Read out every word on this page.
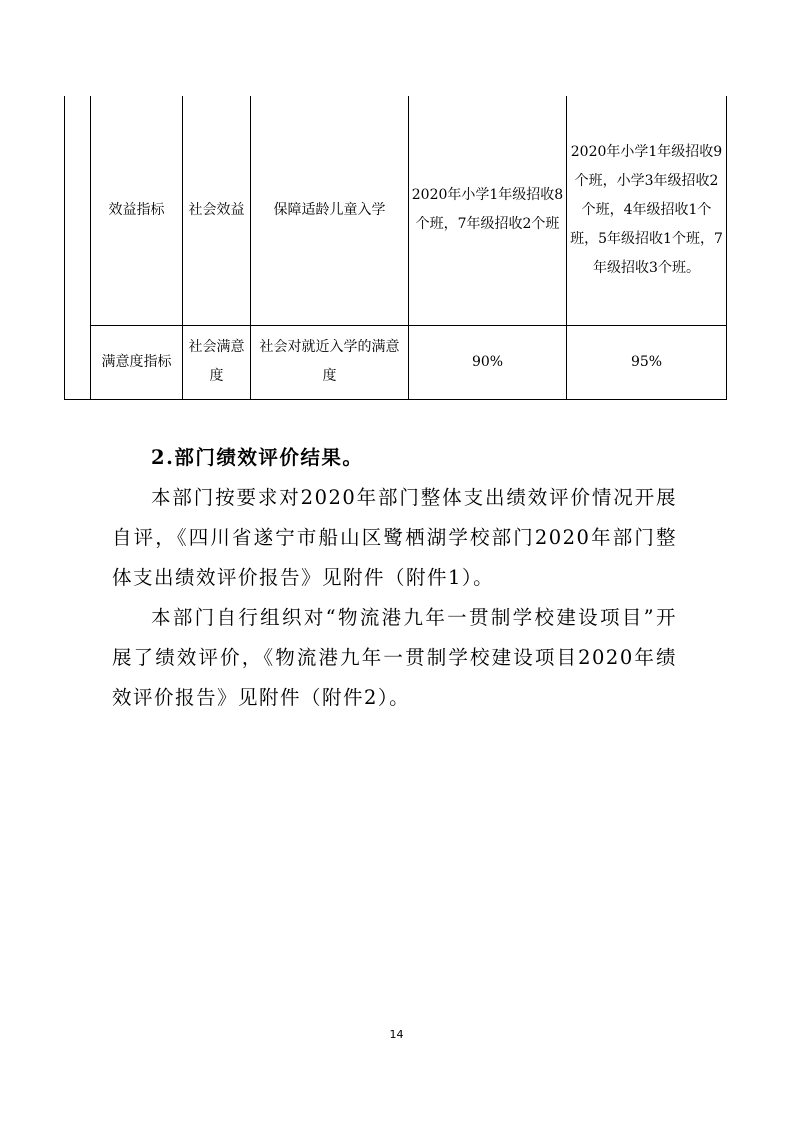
	效益指标	社会效益	保障适龄儿童入学	2020年小学1年级招收8个班，7年级招收2个班	2020年小学1年级招收9个班，小学3年级招收2个班，4年级招收1个班，5年级招收1个班，7年级招收3个班。
	满意度指标	社会满意度	社会对就近入学的满意度	90%	95%
2.部门绩效评价结果。

本部门按要求对2020年部门整体支出绩效评价情况开展自评，《四川省遂宁市船山区鹭栖湖学校部门2020年部门整体支出绩效评价报告》见附件（附件1）。

本部门自行组织对“物流港九年一贯制学校建设项目”开展了绩效评价，《物流港九年一贯制学校建设项目2020年绩效评价报告》见附件（附件2）。

14
